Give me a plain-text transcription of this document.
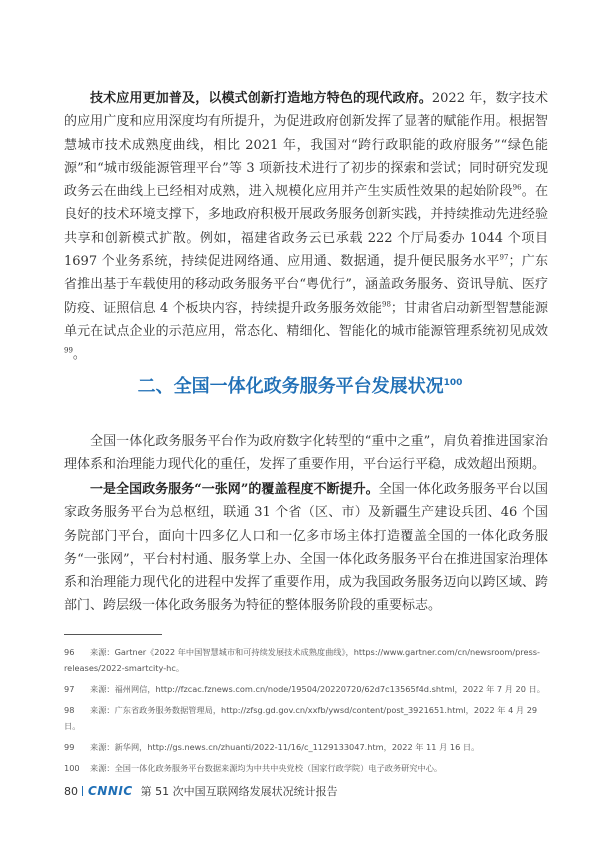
技术应用更加普及，以模式创新打造地方特色的现代政府。2022 年，数字技术的应用广度和应用深度均有所提升，为促进政府创新发挥了显著的赋能作用。根据智慧城市技术成熟度曲线，相比 2021 年，我国对“跨行政职能的政府服务”“绿色能源”和“城市级能源管理平台”等 3 项新技术进行了初步的探索和尝试；同时研究发现政务云在曲线上已经相对成熟，进入规模化应用并产生实质性效果的起始阶段$^{96}$。在良好的技术环境支撑下，多地政府积极开展政务服务创新实践，并持续推动先进经验共享和创新模式扩散。例如，福建省政务云已承载 222 个厅局委办 1044 个项目 1697 个业务系统，持续促进网络通、应用通、数据通，提升便民服务水平$^{97}$；广东省推出基于车载使用的移动政务服务平台“粤优行”，涵盖政务服务、资讯导航、医疗防疫、证照信息 4 个板块内容，持续提升政务服务效能$^{98}$；甘肃省启动新型智慧能源单元在试点企业的示范应用，常态化、精细化、智能化的城市能源管理系统初见成效$^{99}$。

二、全国一体化政务服务平台发展状况$^{100}$

全国一体化政务服务平台作为政府数字化转型的“重中之重”，肩负着推进国家治理体系和治理能力现代化的重任，发挥了重要作用，平台运行平稳，成效超出预期。

一是全国政务服务“一张网”的覆盖程度不断提升。全国一体化政务服务平台以国家政务服务平台为总枢纽，联通 31 个省（区、市）及新疆生产建设兵团、46 个国务院部门平台，面向十四多亿人口和一亿多市场主体打造覆盖全国的一体化政务服务“一张网”，平台村村通、服务掌上办、全国一体化政务服务平台在推进国家治理体系和治理能力现代化的进程中发挥了重要作用，成为我国政务服务迈向以跨区域、跨部门、跨层级一体化政务服务为特征的整体服务阶段的重要标志。

96 来源：Gartner《2022 年中国智慧城市和可持续发展技术成熟度曲线》，https://www.gartner.com/cn/newsroom/press-releases/2022-smartcity-hc。
97 来源：福州网信，http://fzcac.fznews.com.cn/node/19504/20220720/62d7c13565f4d.shtml，2022 年 7 月 20 日。
98 来源：广东省政务服务数据管理局，http://zfsg.gd.gov.cn/xxfb/ywsd/content/post_3921651.html，2022 年 4 月 29 日。
99 来源：新华网，http://gs.news.cn/zhuanti/2022-11/16/c_1129133047.htm，2022 年 11 月 16 日。
100 来源：全国一体化政务服务平台数据来源均为中共中央党校（国家行政学院）电子政务研究中心。
80 CNNIC 第 51 次中国互联网络发展状况统计报告
